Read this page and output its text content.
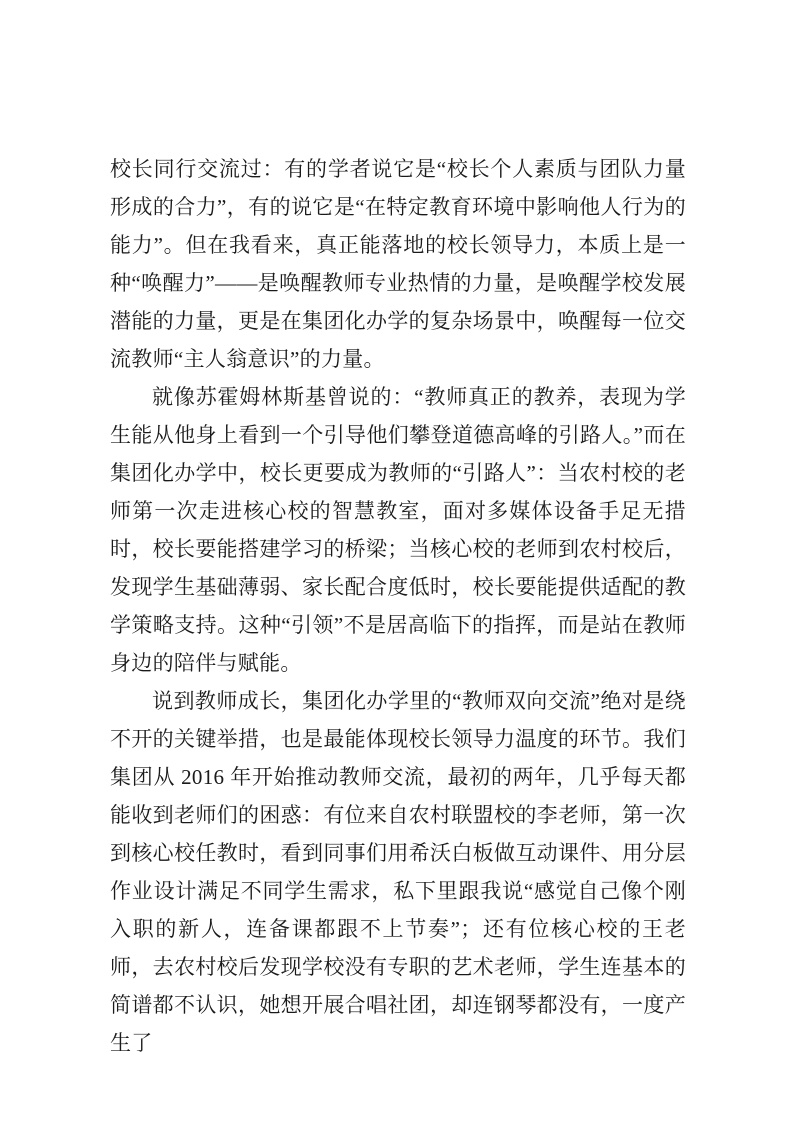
校长同行交流过：有的学者说它是“校长个人素质与团队力量形成的合力”，有的说它是“在特定教育环境中影响他人行为的能力”。但在我看来，真正能落地的校长领导力，本质上是一种“唤醒力”——是唤醒教师专业热情的力量，是唤醒学校发展潜能的力量，更是在集团化办学的复杂场景中，唤醒每一位交流教师“主人翁意识”的力量。

就像苏霍姆林斯基曾说的：“教师真正的教养，表现为学生能从他身上看到一个引导他们攀登道德高峰的引路人。”而在集团化办学中，校长更要成为教师的“引路人”：当农村校的老师第一次走进核心校的智慧教室，面对多媒体设备手足无措时，校长要能搭建学习的桥梁；当核心校的老师到农村校后，发现学生基础薄弱、家长配合度低时，校长要能提供适配的教学策略支持。这种“引领”不是居高临下的指挥，而是站在教师身边的陪伴与赋能。

说到教师成长，集团化办学里的“教师双向交流”绝对是绕不开的关键举措，也是最能体现校长领导力温度的环节。我们集团从 2016 年开始推动教师交流，最初的两年，几乎每天都能收到老师们的困惑：有位来自农村联盟校的李老师，第一次到核心校任教时，看到同事们用希沃白板做互动课件、用分层作业设计满足不同学生需求，私下里跟我说“感觉自己像个刚入职的新人，连备课都跟不上节奏”；还有位核心校的王老师，去农村校后发现学校没有专职的艺术老师，学生连基本的简谱都不认识，她想开展合唱社团，却连钢琴都没有，一度产生了
